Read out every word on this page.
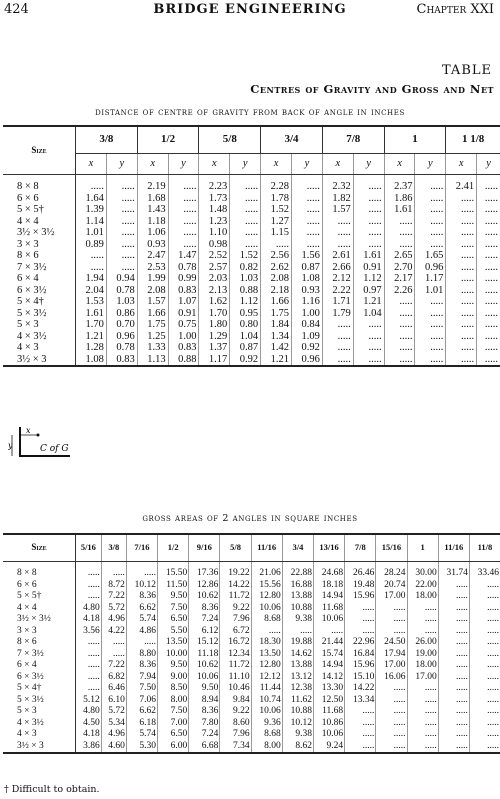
424	BRIDGE ENGINEERING	Chapter XXI
TABLE
Centres of Gravity and Gross and Net
distance of centre of gravity from back of angle in inches
Size	3/8		1/2		5/8		3/4		7/8		1		1 1/8	
	x	y	x	y	x	y	x	y	x	y	x	y	x	y
8 × 8	.....	.....	2.19	.....	2.23	.....	2.28	.....	2.32	.....	2.37	.....	2.41	.....
6 × 6	1.64	.....	1.68	.....	1.73	.....	1.78	.....	1.82	.....	1.86	.....	.....	.....
5 × 5†	1.39	.....	1.43	.....	1.48	.....	1.52	.....	1.57	.....	1.61	.....	.....	.....
4 × 4	1.14	.....	1.18	.....	1.23	.....	1.27	.....	.....	.....	.....	.....	.....	.....
3½ × 3½	1.01	.....	1.06	.....	1.10	.....	1.15	.....	.....	.....	.....	.....	.....	.....
3 × 3	0.89	.....	0.93	.....	0.98	.....	.....	.....	.....	.....	.....	.....	.....	.....
8 × 6	.....	.....	2.47	1.47	2.52	1.52	2.56	1.56	2.61	1.61	2.65	1.65	.....	.....
7 × 3½	.....	.....	2.53	0.78	2.57	0.82	2.62	0.87	2.66	0.91	2.70	0.96	.....	.....
6 × 4	1.94	0.94	1.99	0.99	2.03	1.03	2.08	1.08	2.12	1.12	2.17	1.17	.....	.....
6 × 3½	2.04	0.78	2.08	0.83	2.13	0.88	2.18	0.93	2.22	0.97	2.26	1.01	.....	.....
5 × 4†	1.53	1.03	1.57	1.07	1.62	1.12	1.66	1.16	1.71	1.21	.....	.....	.....	.....
5 × 3½	1.61	0.86	1.66	0.91	1.70	0.95	1.75	1.00	1.79	1.04	.....	.....	.....	.....
5 × 3	1.70	0.70	1.75	0.75	1.80	0.80	1.84	0.84	.....	.....	.....	.....	.....	.....
4 × 3½	1.21	0.96	1.25	1.00	1.29	1.04	1.34	1.09	.....	.....	.....	.....	.....	.....
4 × 3	1.28	0.78	1.33	0.83	1.37	0.87	1.42	0.92	.....	.....	.....	.....	.....	.....
3½ × 3	1.08	0.83	1.13	0.88	1.17	0.92	1.21	0.96	.....	.....	.....	.....	.....	.....
x
y	C of G
gross areas of 2 angles in square inches
Size	5/16	3/8	7/16	1/2	9/16	5/8	11/16	3/4	13/16	7/8	15/16	1	11/16	11/8
8 × 8	.....	.....	.....	15.50	17.36	19.22	21.06	22.88	24.68	26.46	28.24	30.00	31.74	33.46
6 × 6	.....	8.72	10.12	11.50	12.86	14.22	15.56	16.88	18.18	19.48	20.74	22.00	.....	.....
5 × 5†	.....	7.22	8.36	9.50	10.62	11.72	12.80	13.88	14.94	15.96	17.00	18.00	.....	.....
4 × 4	4.80	5.72	6.62	7.50	8.36	9.22	10.06	10.88	11.68	.....	.....	.....	.....	.....
3½ × 3½	4.18	4.96	5.74	6.50	7.24	7.96	8.68	9.38	10.06	.....	.....	.....	.....	.....
3 × 3	3.56	4.22	4.86	5.50	6.12	6.72	.....	.....	.....	.....	.....	.....	.....	.....
8 × 6	.....	.....	.....	13.50	15.12	16.72	18.30	19.88	21.44	22.96	24.50	26.00	.....	.....
7 × 3½	.....	.....	8.80	10.00	11.18	12.34	13.50	14.62	15.74	16.84	17.94	19.00	.....	.....
6 × 4	.....	7.22	8.36	9.50	10.62	11.72	12.80	13.88	14.94	15.96	17.00	18.00	.....	.....
6 × 3½	.....	6.82	7.94	9.00	10.06	11.10	12.12	13.12	14.12	15.10	16.06	17.00	.....	.....
5 × 4†	.....	6.46	7.50	8.50	9.50	10.46	11.44	12.38	13.30	14.22	.....	.....	.....	.....
5 × 3½	5.12	6.10	7.06	8.00	8.94	9.84	10.74	11.62	12.50	13.34	.....	.....	.....	.....
5 × 3	4.80	5.72	6.62	7.50	8.36	9.22	10.06	10.88	11.68	.....	.....	.....	.....	.....
4 × 3½	4.50	5.34	6.18	7.00	7.80	8.60	9.36	10.12	10.86	.....	.....	.....	.....	.....
4 × 3	4.18	4.96	5.74	6.50	7.24	7.96	8.68	9.38	10.06	.....	.....	.....	.....	.....
3½ × 3	3.86	4.60	5.30	6.00	6.68	7.34	8.00	8.62	9.24	.....	.....	.....	.....	.....
† Difficult to obtain.
